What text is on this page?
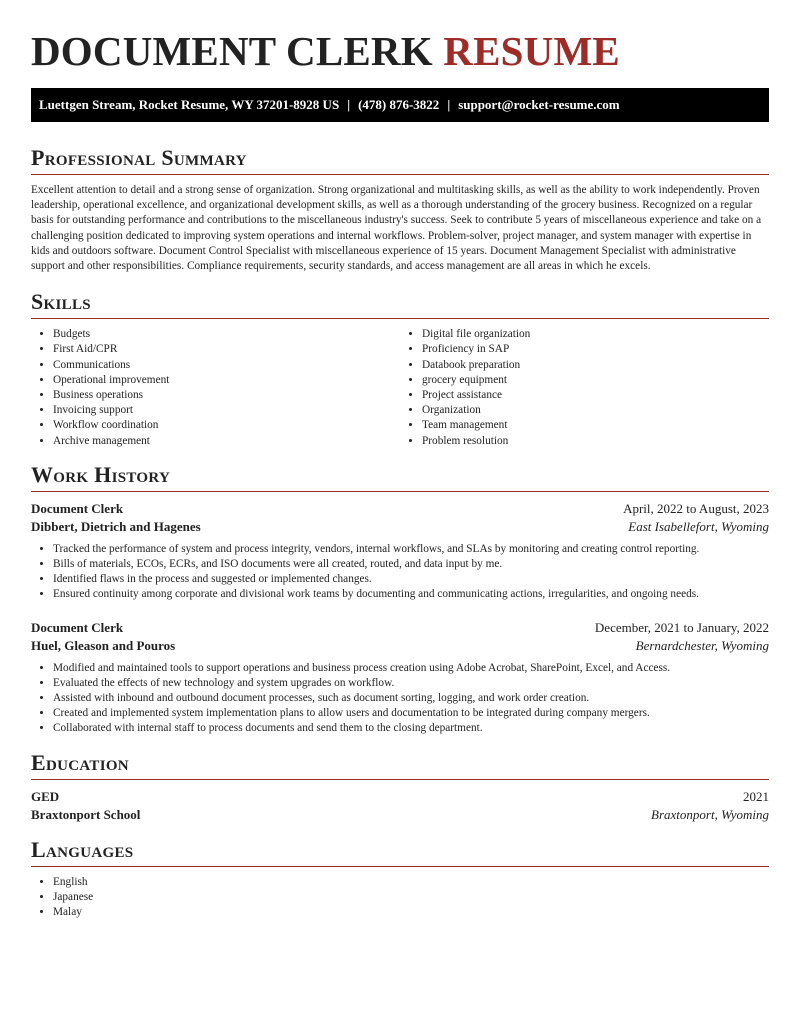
DOCUMENT CLERK RESUME
Luettgen Stream, Rocket Resume, WY 37201-8928 US | (478) 876-3822 | support@rocket-resume.com
Professional Summary

Excellent attention to detail and a strong sense of organization. Strong organizational and multitasking skills, as well as the ability to work independently. Proven leadership, operational excellence, and organizational development skills, as well as a thorough understanding of the grocery business. Recognized on a regular basis for outstanding performance and contributions to the miscellaneous industry's success. Seek to contribute 5 years of miscellaneous experience and take on a challenging position dedicated to improving system operations and internal workflows. Problem-solver, project manager, and system manager with expertise in kids and outdoors software. Document Control Specialist with miscellaneous experience of 15 years. Document Management Specialist with administrative support and other responsibilities. Compliance requirements, security standards, and access management are all areas in which he excels.

Skills
• Budgets
• First Aid/CPR
• Communications
• Operational improvement
• Business operations
• Invoicing support
• Workflow coordination
• Archive management
• Digital file organization
• Proficiency in SAP
• Databook preparation
• grocery equipment
• Project assistance
• Organization
• Team management
• Problem resolution
Work History
Document Clerk	April, 2022 to August, 2023
Dibbert, Dietrich and Hagenes	East Isabellefort, Wyoming
• Tracked the performance of system and process integrity, vendors, internal workflows, and SLAs by monitoring and creating control reporting.
• Bills of materials, ECOs, ECRs, and ISO documents were all created, routed, and data input by me.
• Identified flaws in the process and suggested or implemented changes.
• Ensured continuity among corporate and divisional work teams by documenting and communicating actions, irregularities, and ongoing needs.
Document Clerk	December, 2021 to January, 2022
Huel, Gleason and Pouros	Bernardchester, Wyoming
• Modified and maintained tools to support operations and business process creation using Adobe Acrobat, SharePoint, Excel, and Access.
• Evaluated the effects of new technology and system upgrades on workflow.
• Assisted with inbound and outbound document processes, such as document sorting, logging, and work order creation.
• Created and implemented system implementation plans to allow users and documentation to be integrated during company mergers.
• Collaborated with internal staff to process documents and send them to the closing department.
Education
GED	2021
Braxtonport School	Braxtonport, Wyoming
Languages
• English
• Japanese
• Malay
